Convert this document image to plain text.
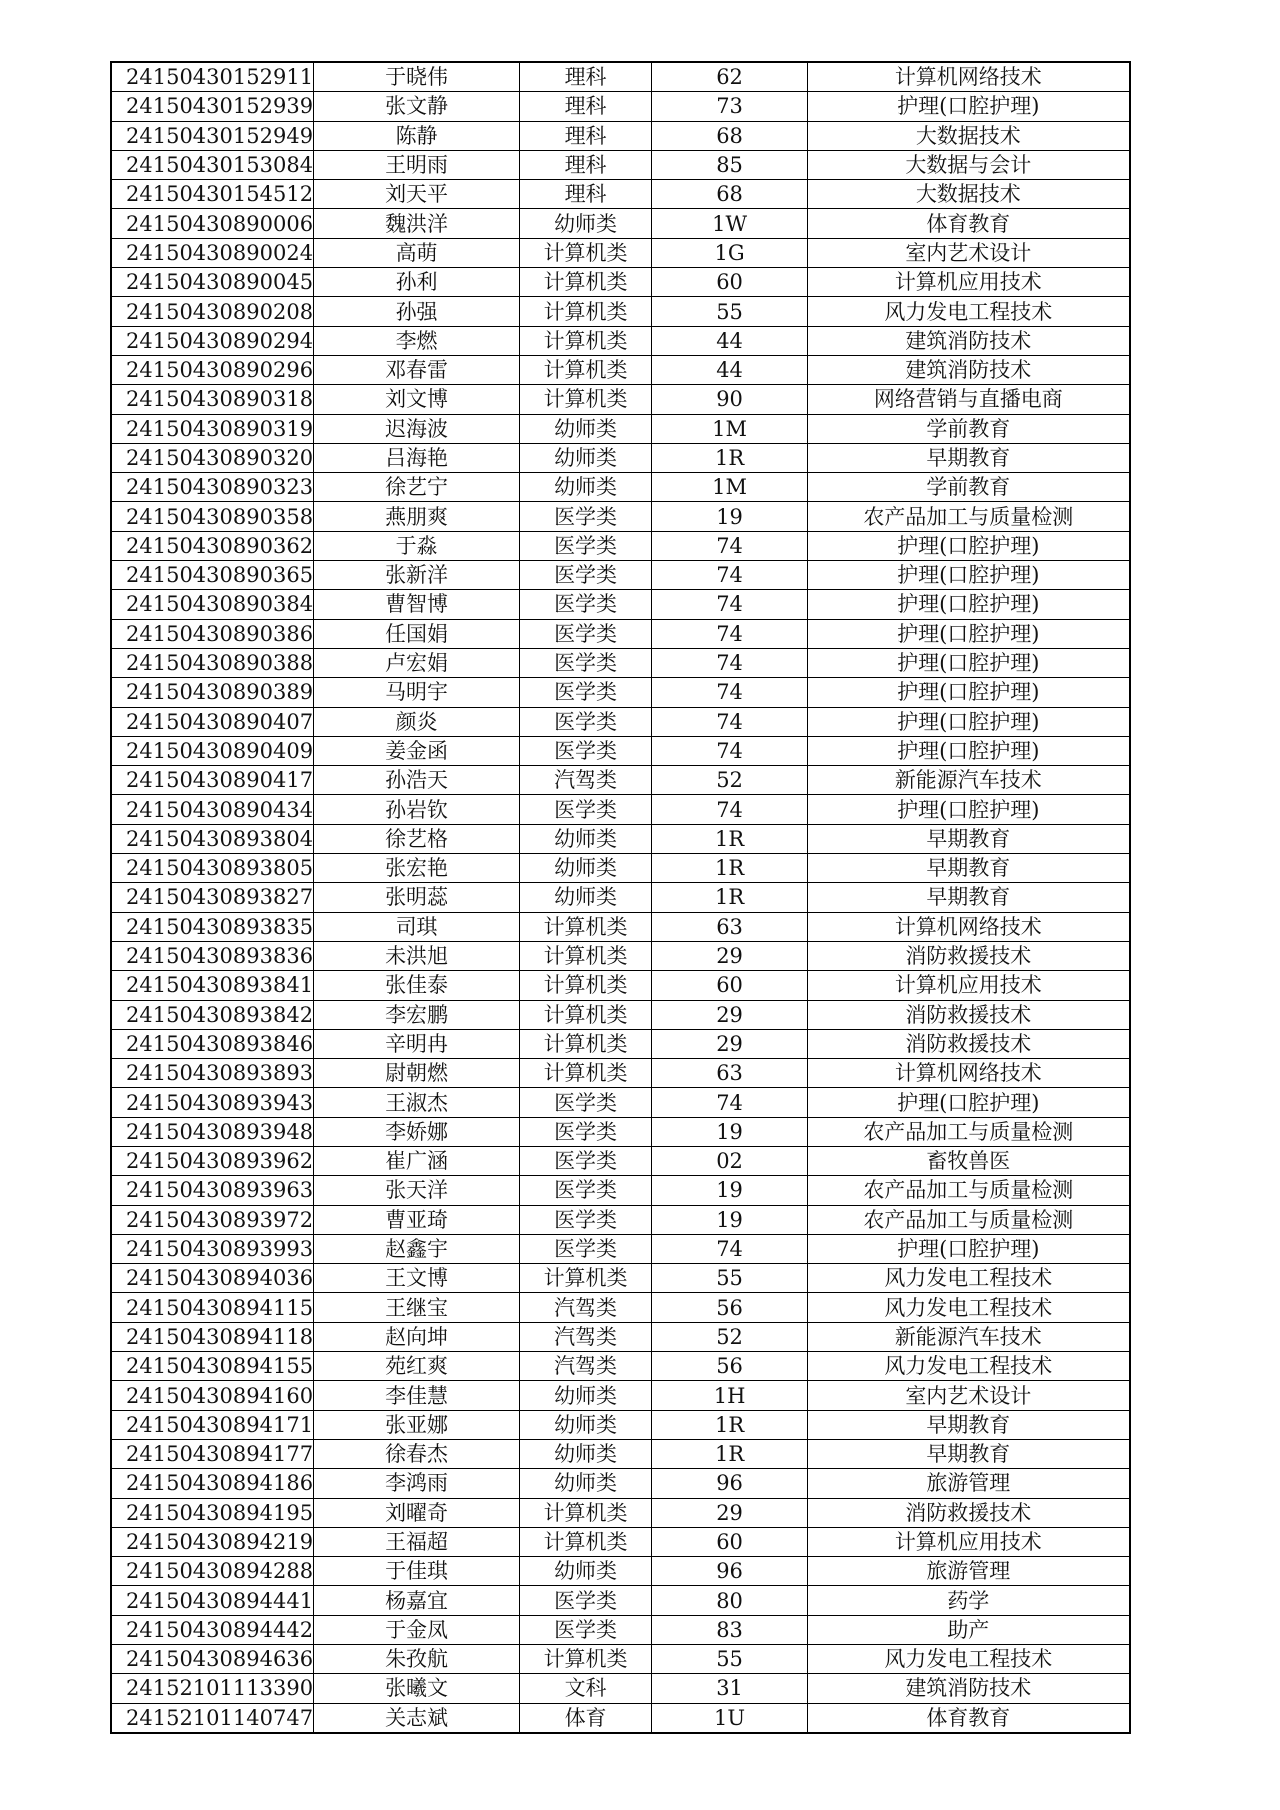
24150430152911	于晓伟	理科	62	计算机网络技术
24150430152939	张文静	理科	73	护理(口腔护理)
24150430152949	陈静	理科	68	大数据技术
24150430153084	王明雨	理科	85	大数据与会计
24150430154512	刘天平	理科	68	大数据技术
24150430890006	魏洪洋	幼师类	1W	体育教育
24150430890024	高萌	计算机类	1G	室内艺术设计
24150430890045	孙利	计算机类	60	计算机应用技术
24150430890208	孙强	计算机类	55	风力发电工程技术
24150430890294	李燃	计算机类	44	建筑消防技术
24150430890296	邓春雷	计算机类	44	建筑消防技术
24150430890318	刘文博	计算机类	90	网络营销与直播电商
24150430890319	迟海波	幼师类	1M	学前教育
24150430890320	吕海艳	幼师类	1R	早期教育
24150430890323	徐艺宁	幼师类	1M	学前教育
24150430890358	燕朋爽	医学类	19	农产品加工与质量检测
24150430890362	于淼	医学类	74	护理(口腔护理)
24150430890365	张新洋	医学类	74	护理(口腔护理)
24150430890384	曹智博	医学类	74	护理(口腔护理)
24150430890386	任国娟	医学类	74	护理(口腔护理)
24150430890388	卢宏娟	医学类	74	护理(口腔护理)
24150430890389	马明宇	医学类	74	护理(口腔护理)
24150430890407	颜炎	医学类	74	护理(口腔护理)
24150430890409	姜金函	医学类	74	护理(口腔护理)
24150430890417	孙浩天	汽驾类	52	新能源汽车技术
24150430890434	孙岩钦	医学类	74	护理(口腔护理)
24150430893804	徐艺格	幼师类	1R	早期教育
24150430893805	张宏艳	幼师类	1R	早期教育
24150430893827	张明蕊	幼师类	1R	早期教育
24150430893835	司琪	计算机类	63	计算机网络技术
24150430893836	未洪旭	计算机类	29	消防救援技术
24150430893841	张佳泰	计算机类	60	计算机应用技术
24150430893842	李宏鹏	计算机类	29	消防救援技术
24150430893846	辛明冉	计算机类	29	消防救援技术
24150430893893	尉朝燃	计算机类	63	计算机网络技术
24150430893943	王淑杰	医学类	74	护理(口腔护理)
24150430893948	李娇娜	医学类	19	农产品加工与质量检测
24150430893962	崔广涵	医学类	02	畜牧兽医
24150430893963	张天洋	医学类	19	农产品加工与质量检测
24150430893972	曹亚琦	医学类	19	农产品加工与质量检测
24150430893993	赵鑫宇	医学类	74	护理(口腔护理)
24150430894036	王文博	计算机类	55	风力发电工程技术
24150430894115	王继宝	汽驾类	56	风力发电工程技术
24150430894118	赵向坤	汽驾类	52	新能源汽车技术
24150430894155	苑红爽	汽驾类	56	风力发电工程技术
24150430894160	李佳慧	幼师类	1H	室内艺术设计
24150430894171	张亚娜	幼师类	1R	早期教育
24150430894177	徐春杰	幼师类	1R	早期教育
24150430894186	李鸿雨	幼师类	96	旅游管理
24150430894195	刘曜奇	计算机类	29	消防救援技术
24150430894219	王福超	计算机类	60	计算机应用技术
24150430894288	于佳琪	幼师类	96	旅游管理
24150430894441	杨嘉宜	医学类	80	药学
24150430894442	于金凤	医学类	83	助产
24150430894636	朱孜航	计算机类	55	风力发电工程技术
24152101113390	张曦文	文科	31	建筑消防技术
24152101140747	关志斌	体育	1U	体育教育
